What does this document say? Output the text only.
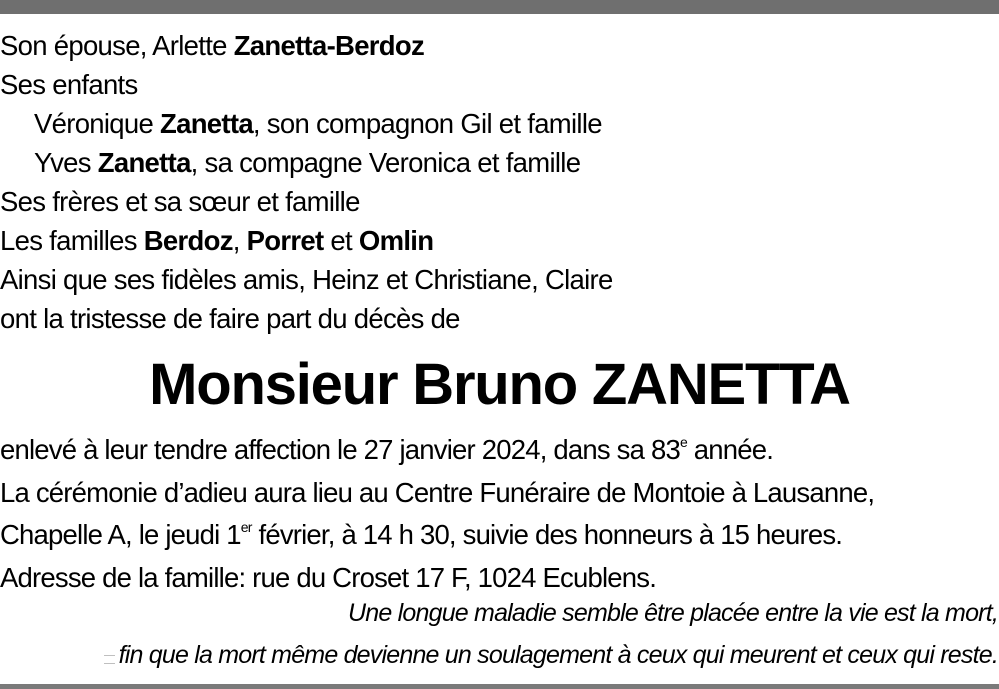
Son épouse, Arlette Zanetta-Berdoz
Ses enfants
Véronique Zanetta, son compagnon Gil et famille
Yves Zanetta, sa compagne Veronica et famille
Ses frères et sa sœur et famille
Les familles Berdoz, Porret et Omlin
Ainsi que ses fidèles amis, Heinz et Christiane, Claire
ont la tristesse de faire part du décès de
Monsieur Bruno ZANETTA
enlevé à leur tendre affection le 27 janvier 2024, dans sa 83e année.
La cérémonie d’adieu aura lieu au Centre Funéraire de Montoie à Lausanne,
Chapelle A, le jeudi 1er février, à 14 h 30, suivie des honneurs à 15 heures.
Adresse de la famille: rue du Croset 17 F, 1024 Ecublens.
Une longue maladie semble être placée entre la vie est la mort,
fin que la mort même devienne un soulagement à ceux qui meurent et ceux qui reste.
